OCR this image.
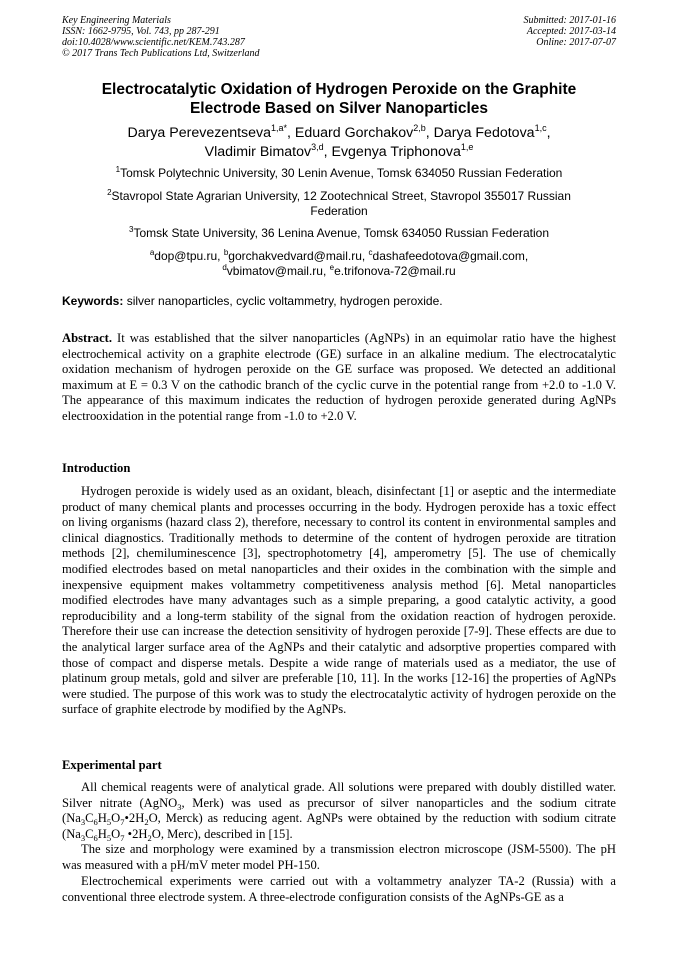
Key Engineering Materials
ISSN: 1662-9795, Vol. 743, pp 287-291
doi:10.4028/www.scientific.net/KEM.743.287
© 2017 Trans Tech Publications Ltd, Switzerland
Submitted: 2017-01-16
Accepted: 2017-03-14
Online: 2017-07-07
Electrocatalytic Oxidation of Hydrogen Peroxide on the Graphite
Electrode Based on Silver Nanoparticles
Darya Perevezentseva$^{1,a*}$, Eduard Gorchakov$^{2,b}$, Darya Fedotova$^{1,c}$,
Vladimir Bimatov$^{3,d}$, Evgenya Triphonova$^{1,e}$
$^1$Tomsk Polytechnic University, 30 Lenin Avenue, Tomsk 634050 Russian Federation
$^2$Stavropol State Agrarian University, 12 Zootechnical Street, Stavropol 355017 Russian
Federation
$^3$Tomsk State University, 36 Lenina Avenue, Tomsk 634050 Russian Federation
$^a$dop@tpu.ru, $^b$gorchakvedvard@mail.ru, $^c$dashafeedotova@gmail.com,
$^d$vbimatov@mail.ru, $^e$e.trifonova-72@mail.ru
Keywords: silver nanoparticles, cyclic voltammetry, hydrogen peroxide.
Abstract. It was established that the silver nanoparticles (AgNPs) in an equimolar ratio have the highest electrochemical activity on a graphite electrode (GE) surface in an alkaline medium. The electrocatalytic oxidation mechanism of hydrogen peroxide on the GE surface was proposed. We detected an additional maximum at E = 0.3 V on the cathodic branch of the cyclic curve in the potential range from +2.0 to -1.0 V. The appearance of this maximum indicates the reduction of hydrogen peroxide generated during AgNPs electrooxidation in the potential range from -1.0 to +2.0 V.
Introduction
Hydrogen peroxide is widely used as an oxidant, bleach, disinfectant [1] or aseptic and the intermediate product of many chemical plants and processes occurring in the body. Hydrogen peroxide has a toxic effect on living organisms (hazard class 2), therefore, necessary to control its content in environmental samples and clinical diagnostics. Traditionally methods to determine of the content of hydrogen peroxide are titration methods [2], chemiluminescence [3], spectrophotometry [4], amperometry [5]. The use of chemically modified electrodes based on metal nanoparticles and their oxides in the combination with the simple and inexpensive equipment makes voltammetry competitiveness analysis method [6]. Metal nanoparticles modified electrodes have many advantages such as a simple preparing, a good catalytic activity, a good reproducibility and a long-term stability of the signal from the oxidation reaction of hydrogen peroxide. Therefore their use can increase the detection sensitivity of hydrogen peroxide [7-9]. These effects are due to the analytical larger surface area of the AgNPs and their catalytic and adsorptive properties compared with those of compact and disperse metals. Despite a wide range of materials used as a mediator, the use of platinum group metals, gold and silver are preferable [10, 11]. In the works [12-16] the properties of AgNPs were studied. The purpose of this work was to study the electrocatalytic activity of hydrogen peroxide on the surface of graphite electrode by modified by the AgNPs.
Experimental part
All chemical reagents were of analytical grade. All solutions were prepared with doubly distilled water. Silver nitrate (AgNO$_3$, Merk) was used as precursor of silver nanoparticles and the sodium citrate ($Na_3C_6H_5O_7•2H_2O$, Merck) as reducing agent. AgNPs were obtained by the reduction with sodium citrate ($Na_3C_6H_5O_7$ $•2H_2O$, Merc), described in [15].
The size and morphology were examined by a transmission electron microscope (JSM-5500). The pH was measured with a pH/mV meter model PH-150.
Electrochemical experiments were carried out with a voltammetry analyzer TA-2 (Russia) with a conventional three electrode system. A three-electrode configuration consists of the AgNPs-GE as a
